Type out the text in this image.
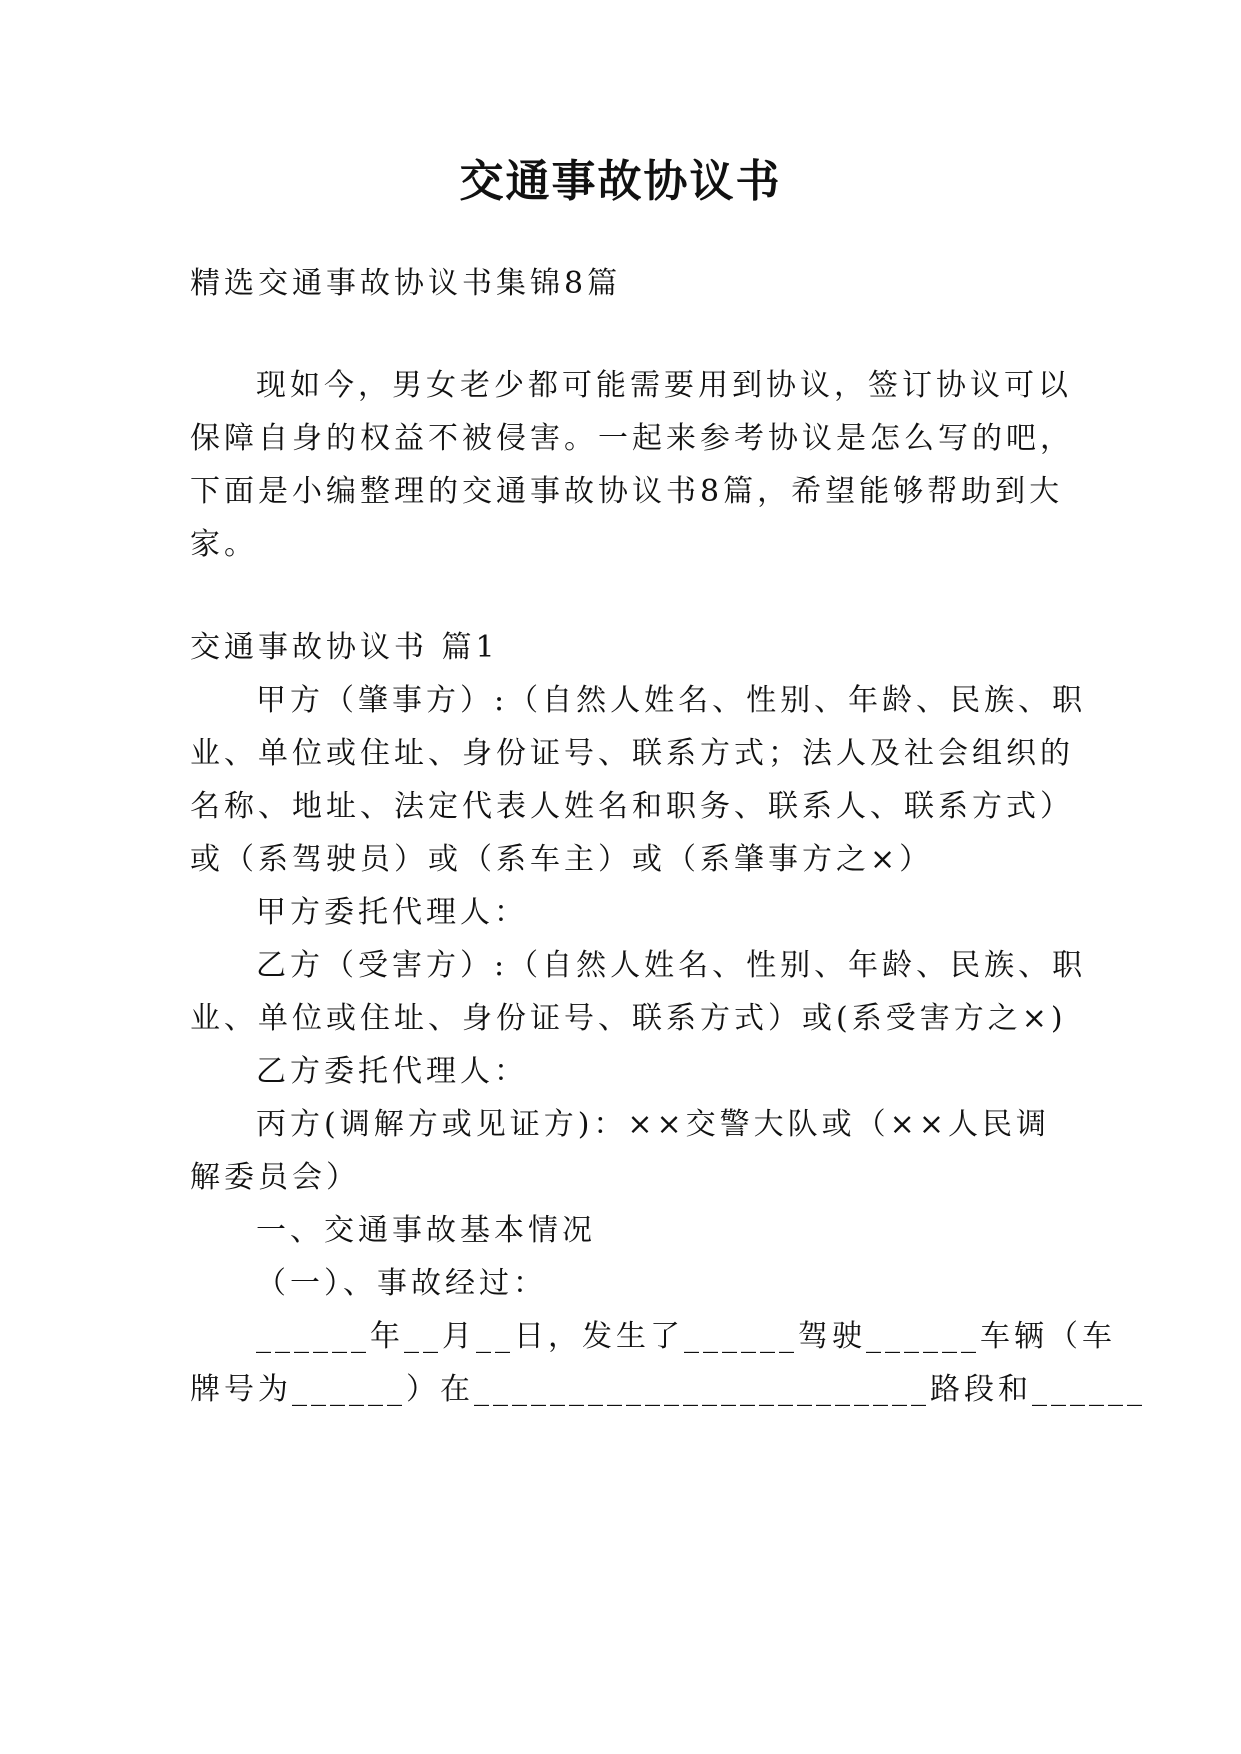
交通事故协议书
精选交通事故协议书集锦8篇
现如今，男女老少都可能需要用到协议，签订协议可以
保障自身的权益不被侵害。一起来参考协议是怎么写的吧，
下面是小编整理的交通事故协议书8篇，希望能够帮助到大
家。
交通事故协议书 篇1
甲方（肇事方）:（自然人姓名、性别、年龄、民族、职
业、单位或住址、身份证号、联系方式；法人及社会组织的
名称、地址、法定代表人姓名和职务、联系人、联系方式）
或（系驾驶员）或（系车主）或（系肇事方之×）
甲方委托代理人：
乙方（受害方）:（自然人姓名、性别、年龄、民族、职
业、单位或住址、身份证号、联系方式）或(系受害方之×)
乙方委托代理人：
丙方(调解方或见证方)：××交警大队或（××人民调
解委员会）
一、交通事故基本情况
（一）、事故经过：
______年__月__日，发生了______驾驶______车辆（车
牌号为______）在________________________路段和______
